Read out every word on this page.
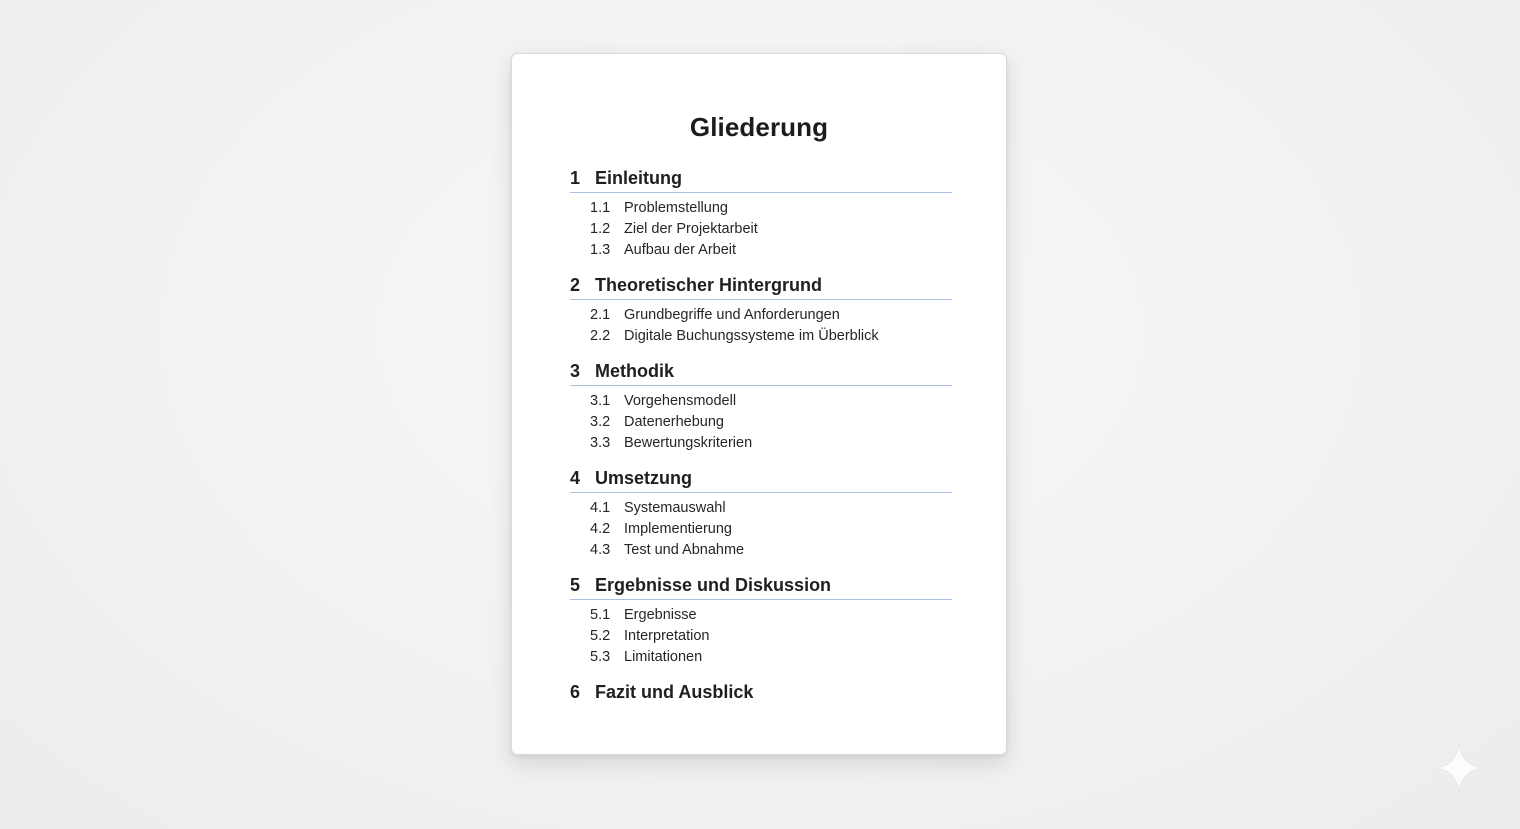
Gliederung
1 Einleitung
1.1 Problemstellung
1.2 Ziel der Projektarbeit
1.3 Aufbau der Arbeit
2 Theoretischer Hintergrund
2.1 Grundbegriffe und Anforderungen
2.2 Digitale Buchungssysteme im Überblick
3 Methodik
3.1 Vorgehensmodell
3.2 Datenerhebung
3.3 Bewertungskriterien
4 Umsetzung
4.1 Systemauswahl
4.2 Implementierung
4.3 Test und Abnahme
5 Ergebnisse und Diskussion
5.1 Ergebnisse
5.2 Interpretation
5.3 Limitationen
6 Fazit und Ausblick
